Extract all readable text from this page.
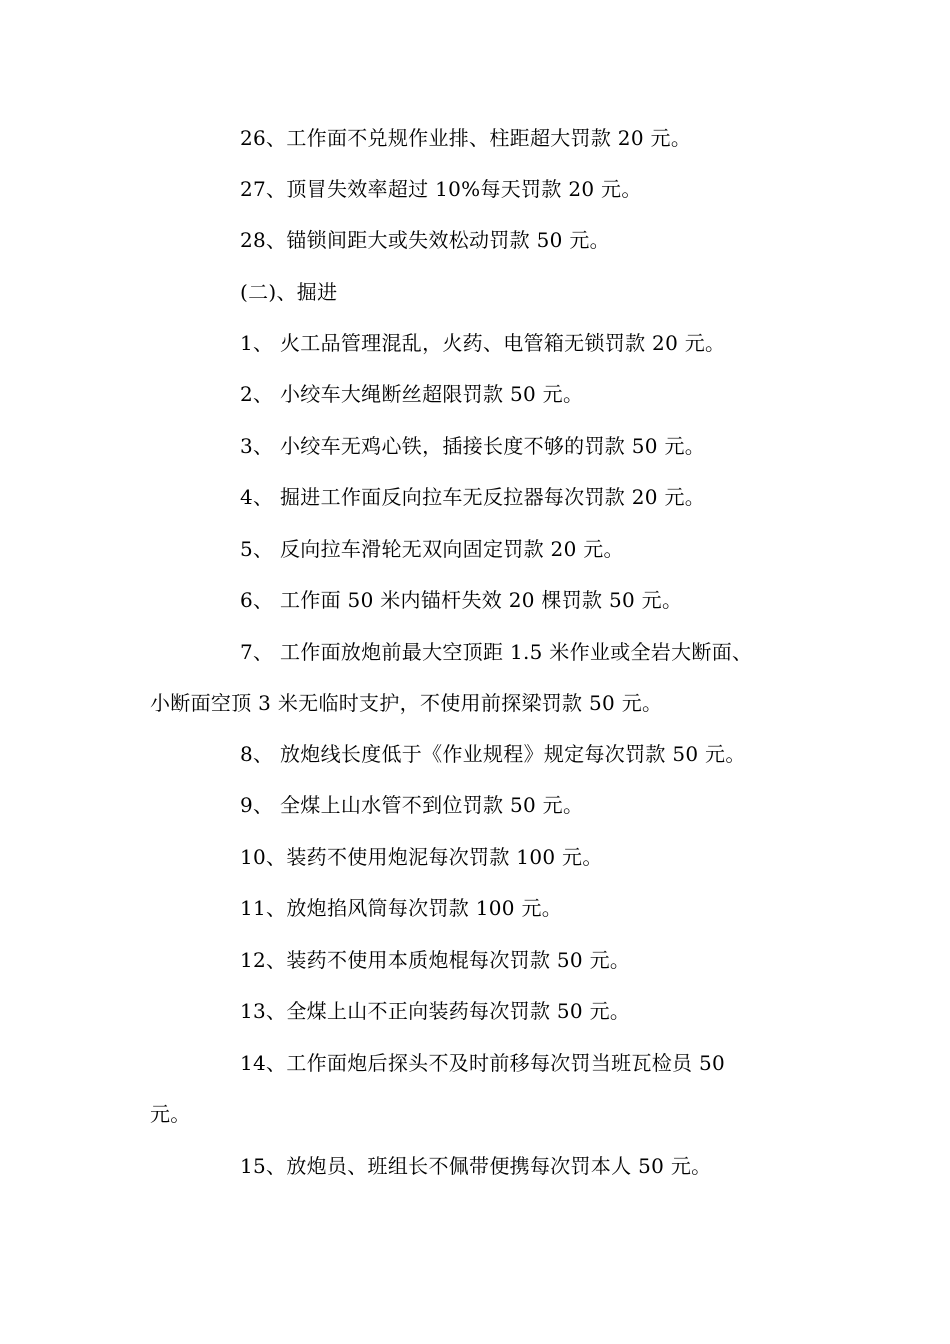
26、工作面不兑规作业排、柱距超大罚款 20 元。
27、顶冒失效率超过 10%每天罚款 20 元。
28、锚锁间距大或失效松动罚款 50 元。
(二)、掘进
1、 火工品管理混乱，火药、电管箱无锁罚款 20 元。
2、 小绞车大绳断丝超限罚款 50 元。
3、 小绞车无鸡心铁，插接长度不够的罚款 50 元。
4、 掘进工作面反向拉车无反拉器每次罚款 20 元。
5、 反向拉车滑轮无双向固定罚款 20 元。
6、 工作面 50 米内锚杆失效 20 棵罚款 50 元。
7、 工作面放炮前最大空顶距 1.5 米作业或全岩大断面、
小断面空顶 3 米无临时支护，不使用前探梁罚款 50 元。
8、 放炮线长度低于《作业规程》规定每次罚款 50 元。
9、 全煤上山水管不到位罚款 50 元。
10、装药不使用炮泥每次罚款 100 元。
11、放炮掐风筒每次罚款 100 元。
12、装药不使用本质炮棍每次罚款 50 元。
13、全煤上山不正向装药每次罚款 50 元。
14、工作面炮后探头不及时前移每次罚当班瓦检员 50
元。
15、放炮员、班组长不佩带便携每次罚本人 50 元。
